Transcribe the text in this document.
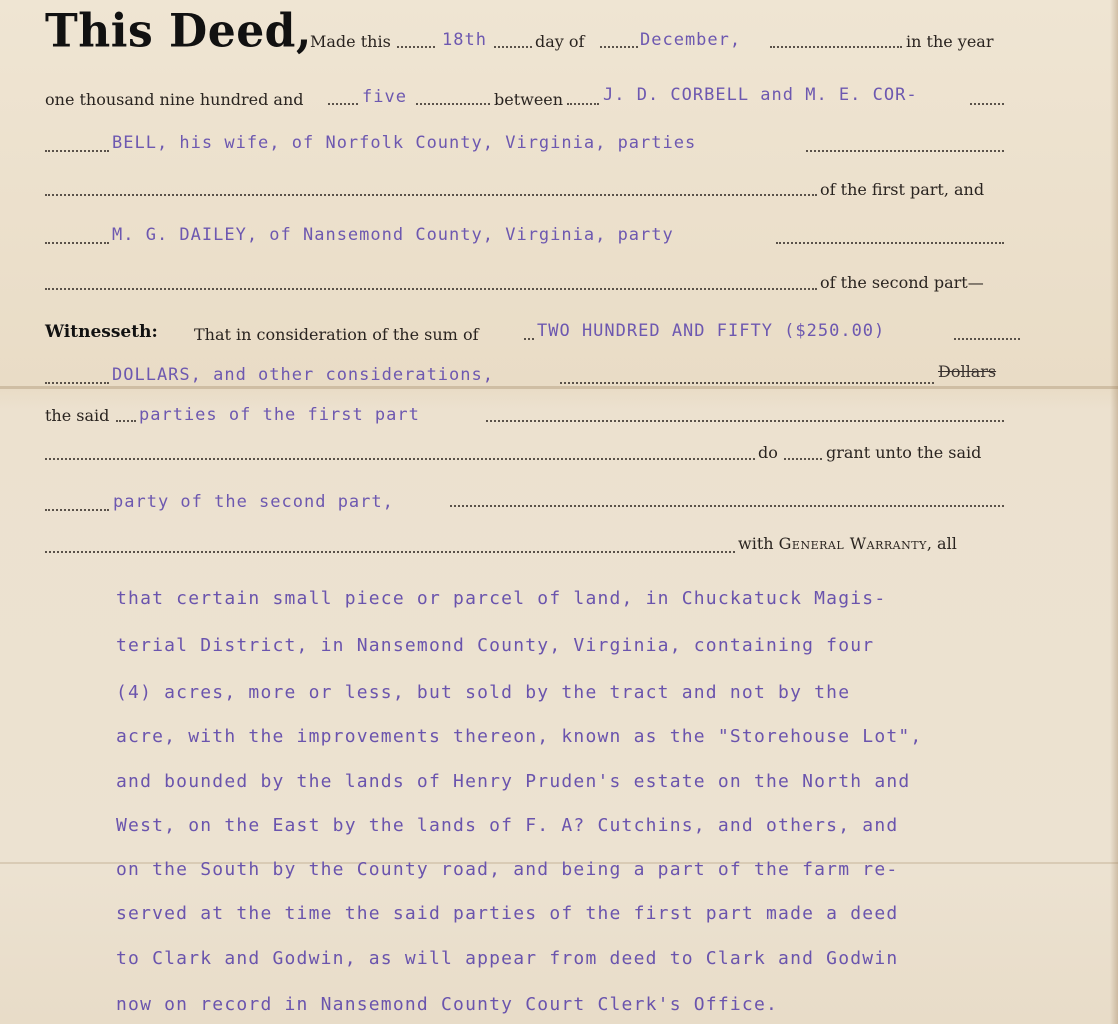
This Deed,
Made this	18th	day of	December,	in the year
one thousand nine hundred and	five	between J. D. CORBELL and M. E. COR-
BELL, his wife, of Norfolk County, Virginia, parties
of the first part, and
M. G. DAILEY, of Nansemond County, Virginia, party
of the second part—
Witnesseth: That in consideration of the sum of	TWO HUNDRED AND FIFTY ($250.00)
DOLLARS, and other considerations,	Dollars
the said parties of the first part
do	grant unto the said
party of the second part,
with General Warranty, all
that certain small piece or parcel of land, in Chuckatuck Magis-
terial District, in Nansemond County, Virginia, containing four
(4) acres, more or less, but sold by the tract and not by the
acre, with the improvements thereon, known as the "Storehouse Lot",
and bounded by the lands of Henry Pruden's estate on the North and
West, on the East by the lands of F. A? Cutchins, and others, and
on the South by the County road, and being a part of the farm re-
served at the time the said parties of the first part made a deed
to Clark and Godwin, as will appear from deed to Clark and Godwin
now on record in Nansemond County Court Clerk's Office.
